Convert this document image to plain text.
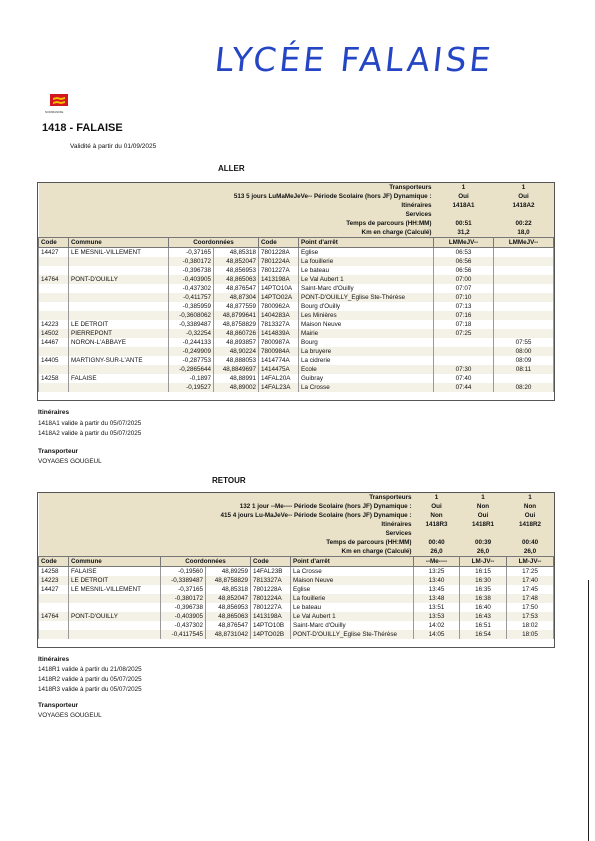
LYCÉE FALAISE
NORMANDIE
1418 - FALAISE
Validité à partir du 01/09/2025
ALLER
Transporteurs						1	1
513 5 jours LuMaMeJeVe-- Période Scolaire (hors JF) Dynamique :						Oui	Oui
Itinéraires						1418A1	1418A2
Services							
Temps de parcours (HH:MM)						00:51	00:22
Km en charge (Calculé)						31,2	18,0
Code	Commune	Coordonnées		Code	Point d'arrêt	LMMeJV--	LMMeJV--
14427	LE MESNIL-VILLEMENT	-0,37165	48,85318	7801228A	Eglise	06:53	
		-0,380172	48,852047	7801224A	La fouillerie	06:56	
		-0,396738	48,856953	7801227A	Le bateau	06:56	
14764	PONT-D'OUILLY	-0,403905	48,865063	1413198A	Le Val Aubert 1	07:00	
		-0,437302	48,876547	14PTO10A	Saint-Marc d'Ouilly	07:07	
		-0,411757	48,87304	14PTO02A	PONT-D'OUILLY_Eglise Ste-Thérèse	07:10	
		-0,385959	48,877559	7800962A	Bourg d'Ouilly	07:13	
		-0,3608062	48,8799641	1404283A	Les Minières	07:16	
14223	LE DETROIT	-0,3389487	48,8758829	7813327A	Maison Neuve	07:18	
14502	PIERREPONT	-0,32254	48,860726	1414839A	Mairie	07:25	
14467	NORON-L'ABBAYE	-0,244133	48,893857	7800987A	Bourg		07:55
		-0,249909	48,90224	7800984A	La bruyere		08:00
14405	MARTIGNY-SUR-L'ANTE	-0,287753	48,888053	1414774A	La cidrerie		08:09
		-0,2865644	48,8849697	1414475A	Ecole	07:30	08:11
14258	FALAISE	-0,1897	48,88991	14FAL20A	Guibray	07:40	
		-0,19527	48,89002	14FAL23A	La Crosse	07:44	08:20
Itinéraires
1418A1 valide à partir du 05/07/2025
1418A2 valide à partir du 05/07/2025
Transporteur
VOYAGES GOUGEUL
RETOUR
Transporteurs						1	1	1
132 1 jour --Me---- Période Scolaire (hors JF) Dynamique :						Oui	Non	Non
415 4 jours Lu-MaJeVe-- Période Scolaire (hors JF) Dynamique :						Non	Oui	Oui
Itinéraires						1418R3	1418R1	1418R2
Services								
Temps de parcours (HH:MM)						00:40	00:39	00:40
Km en charge (Calculé)						26,0	26,0	26,0
Code	Commune	Coordonnées		Code	Point d'arrêt	--Me----	LM-JV--	LM-JV--
14258	FALAISE	-0,19560	48,89259	14FAL23B	La Crosse	13:25	16:15	17:25
14223	LE DETROIT	-0,3389487	48,8758829	7813327A	Maison Neuve	13:40	16:30	17:40
14427	LE MESNIL-VILLEMENT	-0,37165	48,85318	7801228A	Eglise	13:45	16:35	17:45
		-0,380172	48,852047	7801224A	La fouillerie	13:48	16:38	17:48
		-0,396738	48,856953	7801227A	Le bateau	13:51	16:40	17:50
14764	PONT-D'OUILLY	-0,403905	48,865063	1413198A	Le Val Aubert 1	13:53	16:43	17:53
		-0,437302	48,876547	14PTO10B	Saint-Marc d'Ouilly	14:02	16:51	18:02
		-0,4117545	48,8731042	14PTO02B	PONT-D'OUILLY_Eglise Ste-Thérèse	14:05	16:54	18:05
Itinéraires
1418R1 valide à partir du 21/08/2025
1418R2 valide à partir du 05/07/2025
1418R3 valide à partir du 05/07/2025
Transporteur
VOYAGES GOUGEUL
